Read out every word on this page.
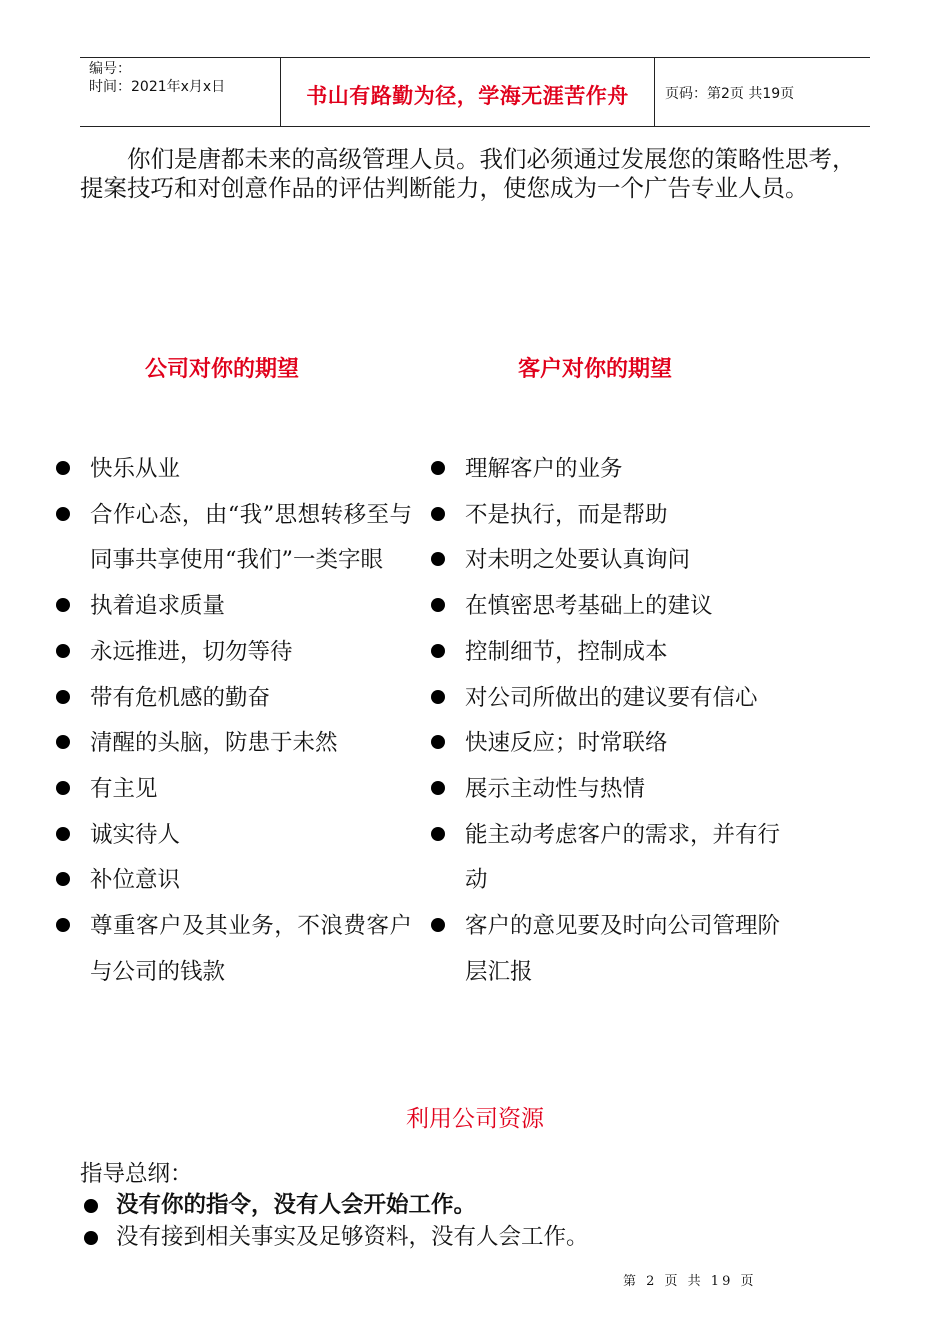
编号：
时间：2021年x月x日	书山有路勤为径，学海无涯苦作舟	页码：第2页 共19页
你们是唐都未来的高级管理人员。我们必须通过发展您的策略性思考，提案技巧和对创意作品的评估判断能力，使您成为一个广告专业人员。
公司对你的期望	客户对你的期望
快乐从业
合作心态，由“我”思想转移至与同事共享使用“我们”一类字眼
执着追求质量
永远推进，切勿等待
带有危机感的勤奋
清醒的头脑，防患于未然
有主见
诚实待人
补位意识
尊重客户及其业务，不浪费客户与公司的钱款
理解客户的业务
不是执行，而是帮助
对未明之处要认真询问
在慎密思考基础上的建议
控制细节，控制成本
对公司所做出的建议要有信心
快速反应；时常联络
展示主动性与热情
能主动考虑客户的需求，并有行动
客户的意见要及时向公司管理阶层汇报
利用公司资源
指导总纲：
没有你的指令，没有人会开始工作。
没有接到相关事实及足够资料，没有人会工作。
第 2 页 共 19 页
